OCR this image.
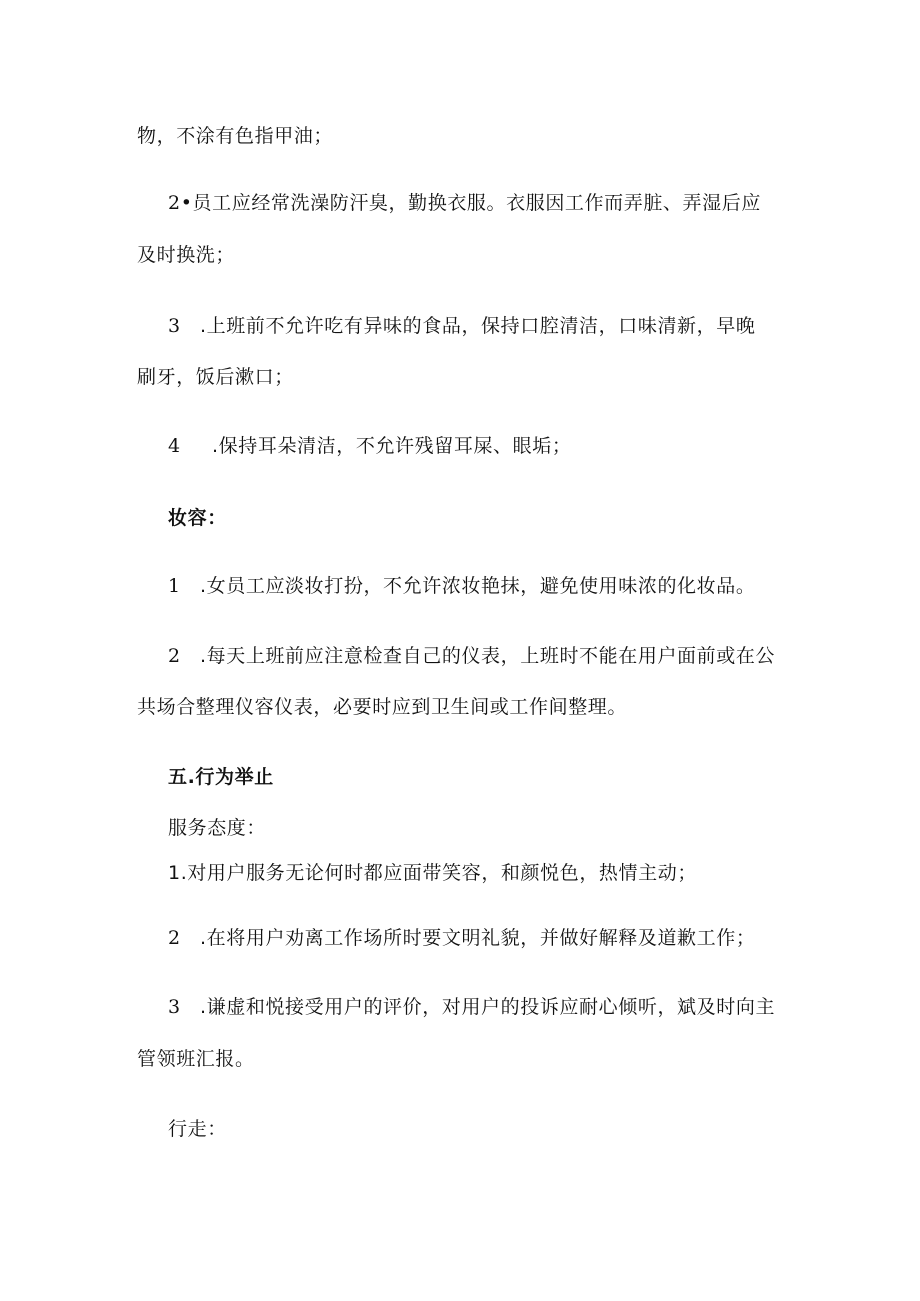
物，不涂有色指甲油；
2•员工应经常洗澡防汗臭，勤换衣服。衣服因工作而弄脏、弄湿后应
及时换洗；
3 .上班前不允许吃有异味的食品，保持口腔清洁，口味清新，早晚
刷牙，饭后漱口；
4 .保持耳朵清洁，不允许残留耳屎、眼垢；
妆容：
1 .女员工应淡妆打扮，不允许浓妆艳抹，避免使用味浓的化妆品。
2 .每天上班前应注意检查自己的仪表，上班时不能在用户面前或在公
共场合整理仪容仪表，必要时应到卫生间或工作间整理。
五.行为举止
服务态度：
1.对用户服务无论何时都应面带笑容，和颜悦色，热情主动；
2 .在将用户劝离工作场所时要文明礼貌，并做好解释及道歉工作；
3 .谦虚和悦接受用户的评价，对用户的投诉应耐心倾听，斌及时向主
管领班汇报。
行走：
